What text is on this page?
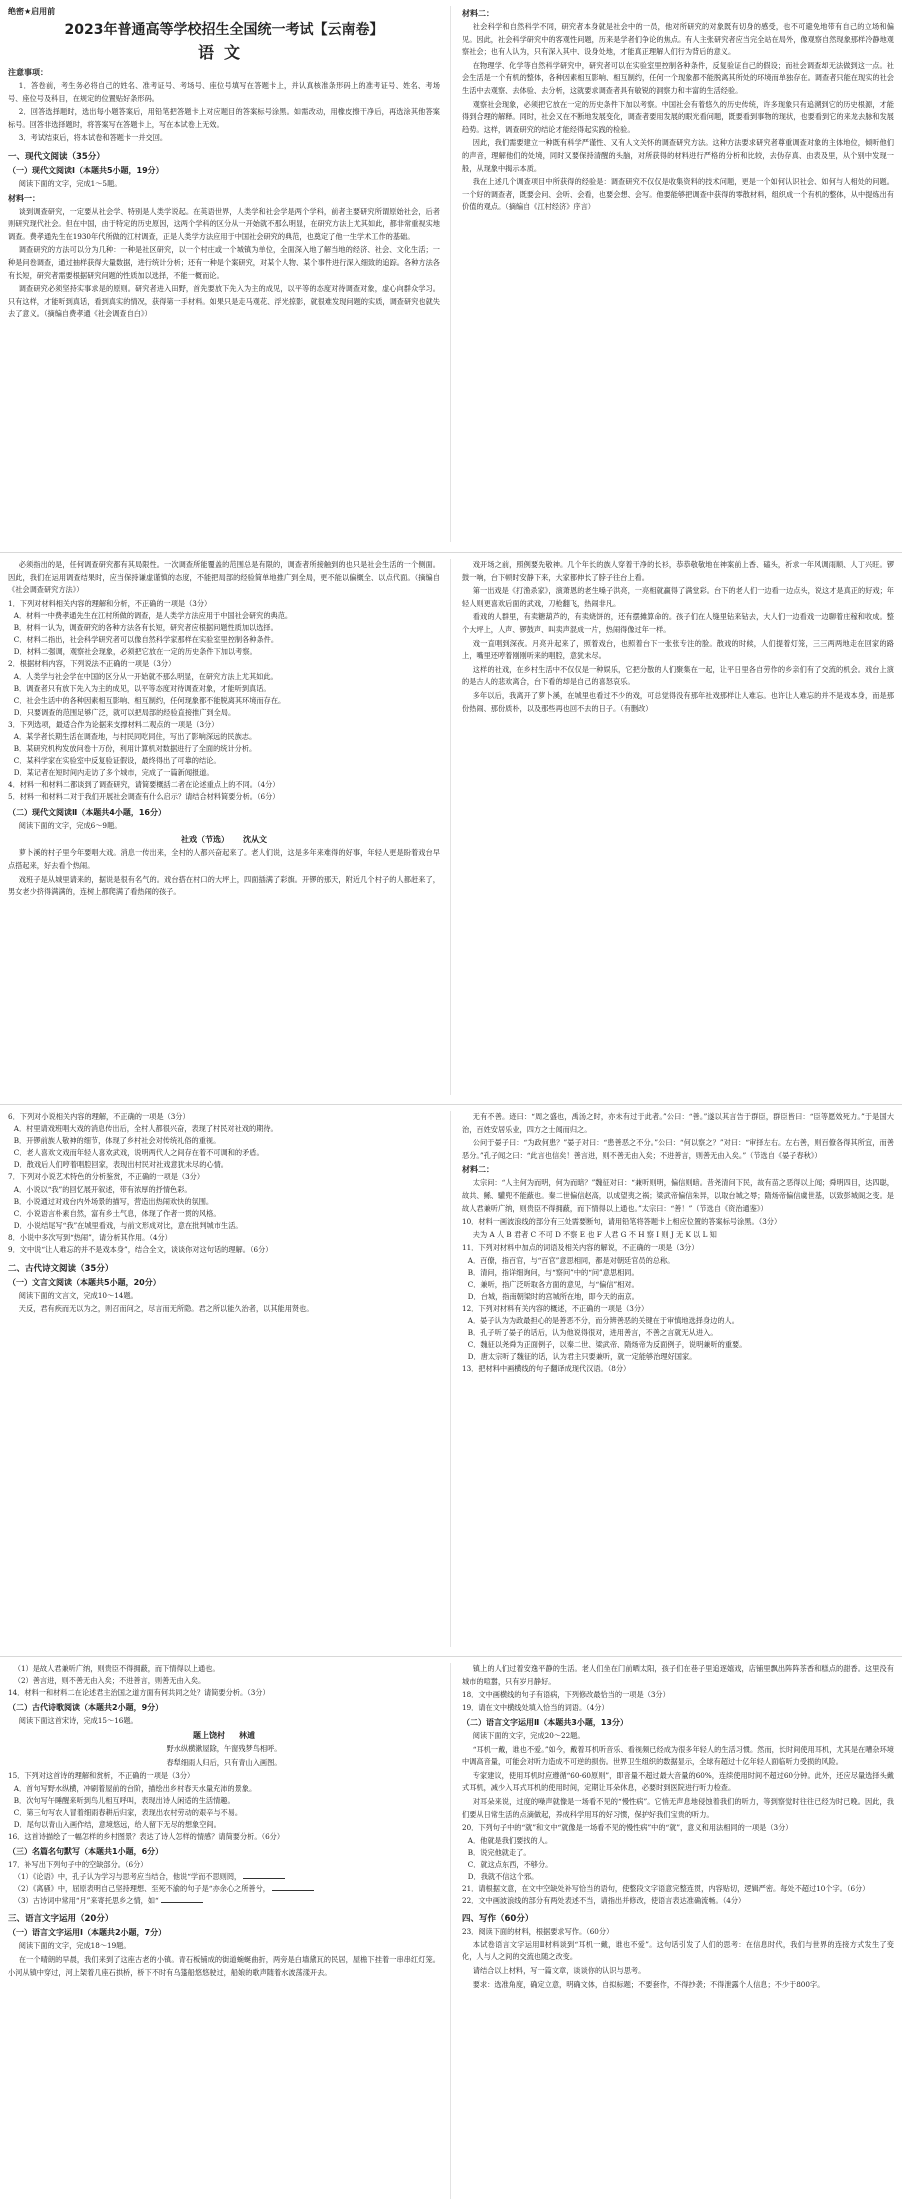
绝密★启用前
2023年普通高等学校招生全国统一考试【云南卷】
语文
注意事项：

1．答卷前，考生务必将自己的姓名、准考证号、考场号、座位号填写在答题卡上，并认真核准条形码上的准考证号、姓名、考场号、座位号及科目，在规定的位置贴好条形码。

2．回答选择题时，选出每小题答案后，用铅笔把答题卡上对应题目的答案标号涂黑。如需改动，用橡皮擦干净后，再选涂其他答案标号。回答非选择题时，将答案写在答题卡上，写在本试卷上无效。

3．考试结束后，将本试卷和答题卡一并交回。

一、现代文阅读（35分）
（一）现代文阅读Ⅰ（本题共5小题，19分）

阅读下面的文字，完成1～5题。

材料一：

谈到调查研究，一定要从社会学、特别是人类学说起。在英语世界，人类学和社会学是两个学科，前者主要研究所谓原始社会，后者则研究现代社会。但在中国，由于特定的历史原因，这两个学科的区分从一开始就不那么明显，在研究方法上尤其如此，都非常重视实地调查。费孝通先生在1930年代所做的江村调查，正是人类学方法应用于中国社会研究的典范，也奠定了他一生学术工作的基础。

调查研究的方法可以分为几种：一种是社区研究，以一个村庄或一个城镇为单位，全面深入地了解当地的经济、社会、文化生活；一种是问卷调查，通过抽样获得大量数据，进行统计分析；还有一种是个案研究，对某个人物、某个事件进行深入细致的追踪。各种方法各有长短，研究者需要根据研究问题的性质加以选择，不能一概而论。

调查研究必须坚持实事求是的原则。研究者进入田野，首先要放下先入为主的成见，以平等的态度对待调查对象，虚心向群众学习。只有这样，才能听到真话，看到真实的情况，获得第一手材料。如果只是走马观花、浮光掠影，就很难发现问题的实质，调查研究也就失去了意义。（摘编自费孝通《社会调查自白》）

材料二：

社会科学和自然科学不同，研究者本身就是社会中的一员，他对所研究的对象既有切身的感受，也不可避免地带有自己的立场和偏见。因此，社会科学研究中的客观性问题，历来是学者们争论的焦点。有人主张研究者应当完全站在局外，像观察自然现象那样冷静地观察社会；也有人认为，只有深入其中、设身处地，才能真正理解人们行为背后的意义。

在物理学、化学等自然科学研究中，研究者可以在实验室里控制各种条件，反复验证自己的假设；而社会调查却无法做到这一点。社会生活是一个有机的整体，各种因素相互影响、相互制约，任何一个现象都不能脱离其所处的环境而单独存在。调查者只能在现实的社会生活中去观察、去体验、去分析，这就要求调查者具有敏锐的洞察力和丰富的生活经验。

观察社会现象，必须把它放在一定的历史条件下加以考察。中国社会有着悠久的历史传统，许多现象只有追溯到它的历史根源，才能得到合理的解释。同时，社会又在不断地发展变化，调查者要用发展的眼光看问题，既要看到事物的现状，也要看到它的来龙去脉和发展趋势。这样，调查研究的结论才能经得起实践的检验。

因此，我们需要建立一种既有科学严谨性、又有人文关怀的调查研究方法。这种方法要求研究者尊重调查对象的主体地位，倾听他们的声音，理解他们的处境，同时又要保持清醒的头脑，对所获得的材料进行严格的分析和比较，去伪存真、由表及里，从个别中发现一般，从现象中揭示本质。

我在上述几个调查项目中所获得的经验是：调查研究不仅仅是收集资料的技术问题，更是一个如何认识社会、如何与人相处的问题。一个好的调查者，既要会问、会听、会看，也要会想、会写。他要能够把调查中获得的零散材料，组织成一个有机的整体，从中提炼出有价值的观点。（摘编自《江村经济》序言）

必须指出的是，任何调查研究都有其局限性。一次调查所能覆盖的范围总是有限的，调查者所接触到的也只是社会生活的一个侧面。因此，我们在运用调查结果时，应当保持谦虚谨慎的态度，不能把局部的经验简单地推广到全局，更不能以偏概全、以点代面。（摘编自《社会调查研究方法》）

1．下列对材料相关内容的理解和分析，不正确的一项是（3分）

A．材料一中费孝通先生在江村所做的调查，是人类学方法应用于中国社会研究的典范。

B．材料一认为，调查研究的各种方法各有长短，研究者应根据问题性质加以选择。

C．材料二指出，社会科学研究者可以像自然科学家那样在实验室里控制各种条件。

D．材料二强调，观察社会现象，必须把它放在一定的历史条件下加以考察。

2．根据材料内容，下列说法不正确的一项是（3分）

A．人类学与社会学在中国的区分从一开始就不那么明显，在研究方法上尤其如此。

B．调查者只有放下先入为主的成见，以平等态度对待调查对象，才能听到真话。

C．社会生活中的各种因素相互影响、相互制约，任何现象都不能脱离其环境而存在。

D．只要调查的范围足够广泛，就可以把局部的经验直接推广到全局。

3．下列选项，最适合作为论据来支撑材料二观点的一项是（3分）

A．某学者长期生活在调查地，与村民同吃同住，写出了影响深远的民族志。

B．某研究机构发放问卷十万份，利用计算机对数据进行了全面的统计分析。

C．某科学家在实验室中反复验证假设，最终得出了可靠的结论。

D．某记者在短时间内走访了多个城市，完成了一篇新闻报道。

4．材料一和材料二都谈到了调查研究，请简要概括二者在论述重点上的不同。（4分）

5．材料一和材料二对于我们开展社会调查有什么启示？请结合材料简要分析。（6分）

（二）现代文阅读Ⅱ（本题共4小题，16分）

阅读下面的文字，完成6～9题。

社戏（节选） 沈从文

萝卜溪的村子里今年要唱大戏。消息一传出来，全村的人都兴奋起来了。老人们说，这是多年来难得的好事，年轻人更是盼着戏台早点搭起来，好去看个热闹。

戏班子是从城里请来的，据说是很有名气的。戏台搭在村口的大坪上，四面插满了彩旗。开锣的那天，附近几个村子的人都赶来了，男女老少挤得满满的，连树上都爬满了看热闹的孩子。

戏开场之前，照例要先敬神。几个年长的族人穿着干净的长衫，恭恭敬敬地在神案前上香、磕头，祈求一年风调雨顺、人丁兴旺。锣鼓一响，台下顿时安静下来，大家都伸长了脖子往台上看。

第一出戏是《打渔杀家》，演萧恩的老生嗓子洪亮，一亮相就赢得了满堂彩。台下的老人们一边看一边点头，说这才是真正的好戏；年轻人则更喜欢后面的武戏，刀枪翻飞，热闹非凡。

看戏的人群里，有卖糖葫芦的，有卖烧饼的，还有摆摊算命的。孩子们在人缝里钻来钻去，大人们一边看戏一边聊着庄稼和收成。整个大坪上，人声、锣鼓声、叫卖声混成一片，热闹得像过年一样。

戏一直唱到深夜。月亮升起来了，照着戏台，也照着台下一张张专注的脸。散戏的时候，人们提着灯笼，三三两两地走在回家的路上，嘴里还哼着刚刚听来的唱腔，意犹未尽。

这样的社戏，在乡村生活中不仅仅是一种娱乐，它把分散的人们聚集在一起，让平日里各自劳作的乡亲们有了交流的机会。戏台上演的是古人的悲欢离合，台下看的却是自己的喜怒哀乐。

多年以后，我离开了萝卜溪，在城里也看过不少的戏，可总觉得没有那年社戏那样让人难忘。也许让人难忘的并不是戏本身，而是那份热闹、那份质朴，以及那些再也回不去的日子。（有删改）

6．下列对小说相关内容的理解，不正确的一项是（3分）

A．村里请戏班唱大戏的消息传出后，全村人都很兴奋，表现了村民对社戏的期待。

B．开锣前族人敬神的细节，体现了乡村社会对传统礼俗的重视。

C．老人喜欢文戏而年轻人喜欢武戏，说明两代人之间存在着不可调和的矛盾。

D．散戏后人们哼着唱腔回家，表现出村民对社戏意犹未尽的心情。

7．下列对小说艺术特色的分析鉴赏，不正确的一项是（3分）

A．小说以“我”的回忆展开叙述，带有浓厚的抒情色彩。

B．小说通过对戏台内外场景的描写，营造出热闹欢快的氛围。

C．小说语言朴素自然，富有乡土气息，体现了作者一贯的风格。

D．小说结尾写“我”在城里看戏，与前文形成对比，意在批判城市生活。

8．小说中多次写到“热闹”，请分析其作用。（4分）

9．文中说“让人难忘的并不是戏本身”，结合全文，谈谈你对这句话的理解。（6分）

二、古代诗文阅读（35分）
（一）文言文阅读（本题共5小题，20分）

阅读下面的文言文，完成10～14题。

天反，君有疾而无以为之，则召而问之，尽言而无所隐。君之所以能久治者，以其能用贤也。

无有不善。迹曰：“周之盛也，禹汤之时，亦未有过于此者。”公曰：“善。”遂以其言告于群臣，群臣皆曰：“臣等愿效死力。”于是国大治，百姓安居乐业，四方之士闻而归之。

公问于晏子曰：“为政何患？”晏子对曰：“患善恶之不分。”公曰：“何以察之？”对曰：“审择左右。左右善，则百僚各得其所宜，而善恶分。”孔子闻之曰：“此言也信矣！善言进，则不善无由入矣；不进善言，则善无由入矣。”（节选自《晏子春秋》）

材料二：

太宗问：“人主何为而明，何为而暗？”魏征对曰：“兼听则明，偏信则暗。昔尧清问下民，故有苗之恶得以上闻；舜明四目，达四聪，故共、鲧、驩兜不能蔽也。秦二世偏信赵高，以成望夷之祸；梁武帝偏信朱异，以取台城之辱；隋炀帝偏信虞世基，以致彭城阁之变。是故人君兼听广纳，则贵臣不得拥蔽，而下情得以上通也。”太宗曰：“善！”（节选自《资治通鉴》）

10．材料一画波浪线的部分有三处需要断句，请用铅笔将答题卡上相应位置的答案标号涂黑。（3分）

夫为 A 人 B 君者 C 不可 D 不察 E 也 F 人君 G 不 H 察 I 则 J 无 K 以 L 知

11．下列对材料中加点的词语及相关内容的解说，不正确的一项是（3分）

A．百僚，指百官，与“百官”意思相同，都是对朝廷官员的总称。

B．清问，指详细询问，与“察问”中的“问”意思相同。

C．兼听，指广泛听取各方面的意见，与“偏信”相对。

D．台城，指南朝梁时的宫城所在地，即今天的南京。

12．下列对材料有关内容的概述，不正确的一项是（3分）

A．晏子认为为政最担心的是善恶不分，而分辨善恶的关键在于审慎地选择身边的人。

B．孔子听了晏子的话后，认为他说得很对，进用善言，不善之言就无从进入。

C．魏征以尧舜为正面例子，以秦二世、梁武帝、隋炀帝为反面例子，说明兼听的重要。

D．唐太宗听了魏征的话，认为君主只要兼听，就一定能够治理好国家。

13．把材料中画横线的句子翻译成现代汉语。（8分）

（1）是故人君兼听广纳，则贵臣不得拥蔽，而下情得以上通也。

（2）善言进，则不善无由入矣；不进善言，则善无由入矣。

14．材料一和材料二在论述君主治国之道方面有何共同之处？请简要分析。（3分）

（二）古代诗歌阅读（本题共2小题，9分）

阅读下面这首宋诗，完成15～16题。

题上饶村 林逋

野水纵横漱屋除，午窗残梦鸟相呼。

春犁细雨人归后，只有青山入画图。

15．下列对这首诗的理解和赏析，不正确的一项是（3分）

A．首句写野水纵横，冲刷着屋前的台阶，描绘出乡村春天水量充沛的景象。

B．次句写午睡醒来听到鸟儿相互呼叫，表现出诗人闲适的生活情趣。

C．第三句写农人冒着细雨春耕后归家，表现出农村劳动的艰辛与不易。

D．尾句以青山入画作结，意境悠远，给人留下无尽的想象空间。

16．这首诗描绘了一幅怎样的乡村图景？表达了诗人怎样的情感？请简要分析。（6分）

（三）名篇名句默写（本题共1小题，6分）

17．补写出下列句子中的空缺部分。（6分）

（1）《论语》中，孔子认为学习与思考应当结合，他说“学而不思则罔，

（2）《离骚》中，屈原表明自己坚持理想、至死不渝的句子是“亦余心之所善兮，

（3）古诗词中常用“月”来寄托思乡之情，如“

三、语言文字运用（20分）
（一）语言文字运用Ⅰ（本题共2小题，7分）

阅读下面的文字，完成18～19题。

在一个晴朗的早晨，我们来到了这座古老的小镇。青石板铺成的街道蜿蜒曲折，两旁是白墙黛瓦的民居，屋檐下挂着一串串红灯笼。小河从镇中穿过，河上架着几座石拱桥，桥下不时有乌篷船悠悠驶过，船娘的歌声随着水波荡漾开去。

镇上的人们过着安逸平静的生活。老人们坐在门前晒太阳，孩子们在巷子里追逐嬉戏，店铺里飘出阵阵茶香和糕点的甜香。这里没有城市的喧嚣，只有岁月静好。

18．文中画横线的句子有语病，下列修改最恰当的一项是（3分）

19．请在文中横线处填入恰当的词语。（4分）

（二）语言文字运用Ⅱ（本题共3小题，13分）

阅读下面的文字，完成20～22题。

“耳机一戴，谁也不爱。”如今，戴着耳机听音乐、看视频已经成为很多年轻人的生活习惯。然而，长时间使用耳机，尤其是在嘈杂环境中调高音量，可能会对听力造成不可逆的损伤。世界卫生组织的数据显示，全球有超过十亿年轻人面临听力受损的风险。

专家建议，使用耳机时应遵循“60-60原则”，即音量不超过最大音量的60%，连续使用时间不超过60分钟。此外，还应尽量选择头戴式耳机，减少入耳式耳机的使用时间，定期让耳朵休息，必要时到医院进行听力检查。

对耳朵来说，过度的噪声就像是一场看不见的“慢性病”。它悄无声息地侵蚀着我们的听力，等到察觉时往往已经为时已晚。因此，我们要从日常生活的点滴做起，养成科学用耳的好习惯，保护好我们宝贵的听力。

20．下列句子中的“就”和文中“就像是一场看不见的慢性病”中的“就”，意义和用法相同的一项是（3分）

A．他就是我们要找的人。

B．说完他就走了。

C．就这点东西，不够分。

D．我就不信这个邪。

21．请根据文意，在文中空缺处补写恰当的语句，使整段文字语意完整连贯，内容贴切，逻辑严密。每处不超过10个字。（6分）

22．文中画波浪线的部分有两处表述不当，请指出并修改，使语言表达准确流畅。（4分）

四、写作（60分）

23．阅读下面的材料，根据要求写作。（60分）

本试卷语言文字运用Ⅱ材料谈到“耳机一戴，谁也不爱”。这句话引发了人们的思考：在信息时代，我们与世界的连接方式发生了变化，人与人之间的交流也随之改变。

请结合以上材料，写一篇文章，谈谈你的认识与思考。

要求：选准角度，确定立意，明确文体，自拟标题；不要套作，不得抄袭；不得泄露个人信息；不少于800字。
